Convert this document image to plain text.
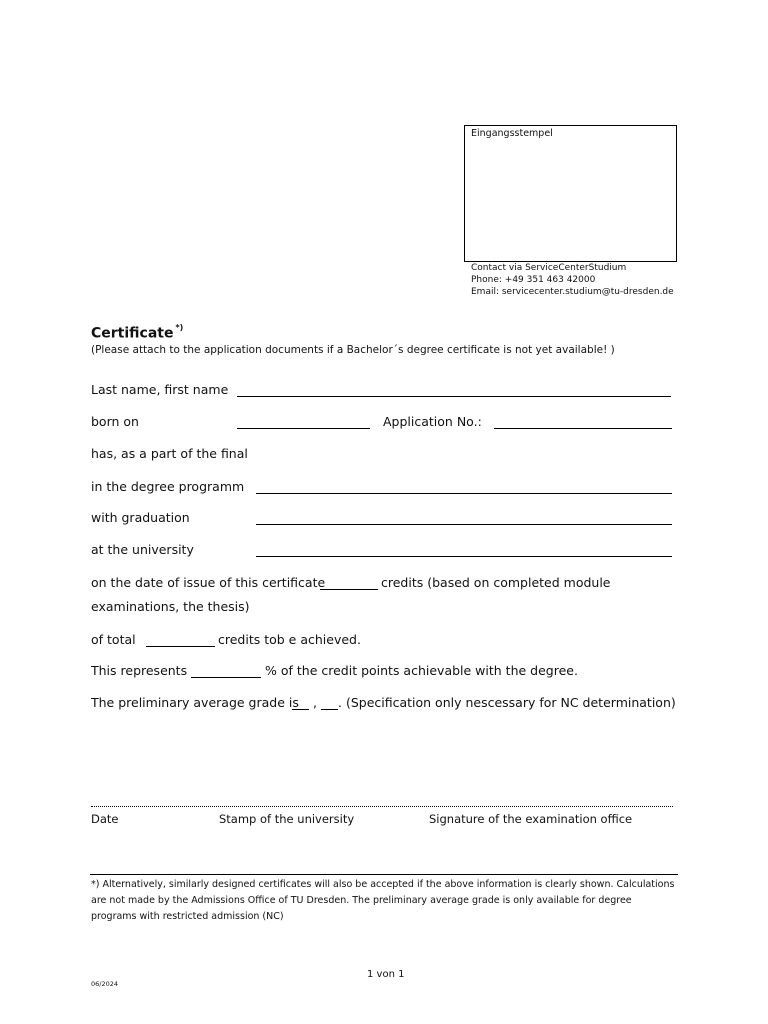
Eingangsstempel
Contact via ServiceCenterStudium
Phone: +49 351 463 42000
Email: servicecenter.studium@tu-dresden.de
Certificate *)
(Please attach to the application documents if a Bachelor´s degree certificate is not yet available! )
Last name, first name
born on	Application No.:
has, as a part of the final
in the degree programm
with graduation
at the university
on the date of issue of this certificate	credits (based on completed module
examinations, the thesis)
of total	credits tob e achieved.
This represents	% of the credit points achievable with the degree.
The preliminary average grade is , . (Specification only nescessary for NC determination)
Date	Stamp of the university	Signature of the examination office
*) Alternatively, similarly designed certificates will also be accepted if the above information is clearly shown. Calculations are not made by the Admissions Office of TU Dresden. The preliminary average grade is only available for degree programs with restricted admission (NC)
1 von 1
06/2024
